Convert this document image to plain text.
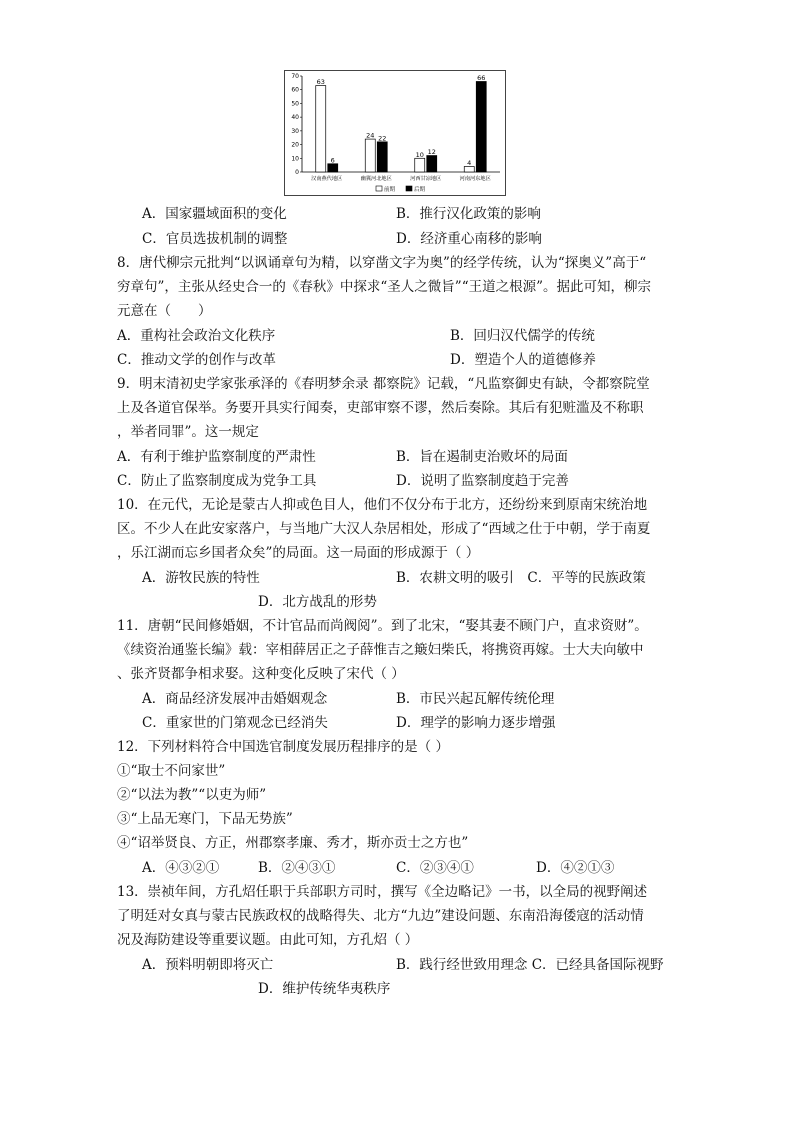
0
10
20
30
40
50
60
70
63
6
汉南燕代地区
24 22
幽冀河北地区
10 12
河西甘凉地区
4
66
河南河东地区
前期	后期
A．国家疆域面积的变化	B．推行汉化政策的影响
C．官员选拔机制的调整	D．经济重心南移的影响
8．唐代柳宗元批判“以讽诵章句为精，以穿凿文字为奥”的经学传统，认为“探奥义”高于“
穷章句”，主张从经史合一的《春秋》中探求“圣人之微旨”“王道之根源”。据此可知，柳宗
元意在（　　）
A．重构社会政治文化秩序	B．回归汉代儒学的传统
C．推动文学的创作与改革	D．塑造个人的道德修养
9．明末清初史学家张承泽的《春明梦余录 都察院》记载，“凡监察御史有缺，令都察院堂
上及各道官保举。务要开具实行闻奏，吏部审察不谬，然后奏除。其后有犯赃滥及不称职
，举者同罪”。这一规定
A．有利于维护监察制度的严肃性	B．旨在遏制吏治败坏的局面
C．防止了监察制度成为党争工具	D．说明了监察制度趋于完善
10．在元代，无论是蒙古人抑或色目人，他们不仅分布于北方，还纷纷来到原南宋统治地
区。不少人在此安家落户，与当地广大汉人杂居相处，形成了“西域之仕于中朝，学于南夏
，乐江湖而忘乡国者众矣”的局面。这一局面的形成源于（ ）
A．游牧民族的特性	B．农耕文明的吸引　C．平等的民族政策
D．北方战乱的形势
11．唐朝“民间修婚姻，不计官品而尚阀阅”。到了北宋，“娶其妻不顾门户，直求资财”。
《续资治通鉴长编》载：宰相薛居正之子薛惟吉之簸妇柴氏，将携资再嫁。士大夫向敏中
、张齐贤都争相求娶。这种变化反映了宋代（ ）
A．商品经济发展冲击婚姻观念	B．市民兴起瓦解传统伦理
C．重家世的门第观念已经消失	D．理学的影响力逐步增强
12．下列材料符合中国选官制度发展历程排序的是（ ）
①“取士不问家世”
②“以法为教”“以吏为师”
③“上品无寒门，下品无势族”
④“诏举贤良、方正，州郡察孝廉、秀才，斯亦贡士之方也”
A．④③②①	B．②④③①	C．②③④①	D．④②①③
13．崇祯年间，方孔炤任职于兵部职方司时，撰写《全边略记》一书，以全局的视野阐述
了明廷对女真与蒙古民族政权的战略得失、北方“九边”建设问题、东南沿海倭寇的活动情
况及海防建设等重要议题。由此可知，方孔炤（ ）
A．预料明朝即将灭亡	B．践行经世致用理念 C．已经具备国际视野
D．维护传统华夷秩序
